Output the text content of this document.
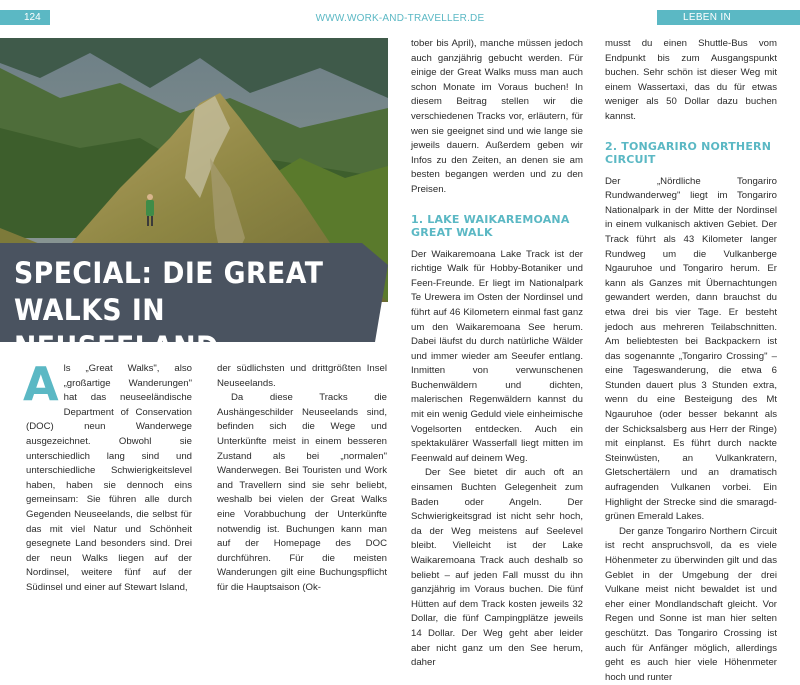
124	WWW.WORK-AND-TRAVELLER.DE	LEBEN IN NEUSEELAND
SPECIAL: DIE GREAT
WALKS IN NEUSEELAND
A ls „Great Walks", also „großartige Wanderungen" hat das neuseeländische Department of Conservation (DOC) neun Wanderwege ausgezeichnet. Obwohl sie unterschiedlich lang sind und unterschiedliche Schwierigkeitslevel haben, haben sie dennoch eins gemeinsam: Sie führen alle durch Gegenden Neuseelands, die selbst für das mit viel Natur und Schönheit gesegnete Land besonders sind. Drei der neun Walks liegen auf der Nordinsel, weitere fünf auf der Südinsel und einer auf Stewart Island,

der südlichsten und drittgrößten Insel Neuseelands.

Da diese Tracks die Aushängeschilder Neuseelands sind, befinden sich die Wege und Unterkünfte meist in einem besseren Zustand als bei „normalen" Wanderwegen. Bei Touristen und Work and Travellern sind sie sehr beliebt, weshalb bei vielen der Great Walks eine Vorabbuchung der Unterkünfte notwendig ist. Buchungen kann man auf der Homepage des DOC durchführen. Für die meisten Wanderungen gilt eine Buchungspflicht für die Hauptsaison (Ok-

tober bis April), manche müssen jedoch auch ganzjährig gebucht werden. Für einige der Great Walks muss man auch schon Monate im Voraus buchen! In diesem Beitrag stellen wir die verschiedenen Tracks vor, erläutern, für wen sie geeignet sind und wie lange sie jeweils dauern. Außerdem geben wir Infos zu den Zeiten, an denen sie am besten begangen werden und zu den Preisen.

1. LAKE WAIKAREMOANA GREAT WALK

Der Waikaremoana Lake Track ist der richtige Walk für Hobby-Botaniker und Feen-Freunde. Er liegt im Nationalpark Te Urewera im Osten der Nordinsel und führt auf 46 Kilometern einmal fast ganz um den Waikaremoana See herum. Dabei läufst du durch natürliche Wälder und immer wieder am Seeufer entlang. Inmitten von verwunschenen Buchenwäldern und dichten, malerischen Regenwäldern kannst du mit ein wenig Geduld viele einheimische Vogelsorten entdecken. Auch ein spektakulärer Wasserfall liegt mitten im Feenwald auf deinem Weg.

Der See bietet dir auch oft an einsamen Buchten Gelegenheit zum Baden oder Angeln. Der Schwierigkeitsgrad ist nicht sehr hoch, da der Weg meistens auf Seelevel bleibt. Vielleicht ist der Lake Waikaremoana Track auch deshalb so beliebt – auf jeden Fall musst du ihn ganzjährig im Voraus buchen. Die fünf Hütten auf dem Track kosten jeweils 32 Dollar, die fünf Campingplätze jeweils 14 Dollar. Der Weg geht aber leider aber nicht ganz um den See herum, daher

musst du einen Shuttle-Bus vom Endpunkt bis zum Ausgangspunkt buchen. Sehr schön ist dieser Weg mit einem Wassertaxi, das du für etwas weniger als 50 Dollar dazu buchen kannst.

2. TONGARIRO NORTHERN CIRCUIT

Der „Nördliche Tongariro Rundwanderweg" liegt im Tongariro Nationalpark in der Mitte der Nordinsel in einem vulkanisch aktiven Gebiet. Der Track führt als 43 Kilometer langer Rundweg um die Vulkanberge Ngauruhoe und Tongariro herum. Er kann als Ganzes mit Übernachtungen gewandert werden, dann brauchst du etwa drei bis vier Tage. Er besteht jedoch aus mehreren Teilabschnitten. Am beliebtesten bei Backpackern ist das sogenannte „Tongariro Crossing" – eine Tageswanderung, die etwa 6 Stunden dauert plus 3 Stunden extra, wenn du eine Besteigung des Mt Ngauruhoe (oder besser bekannt als der Schicksalsberg aus Herr der Ringe) mit einplanst. Es führt durch nackte Steinwüsten, an Vulkankratern, Gletschertälern und an dramatisch aufragenden Vulkanen vorbei. Ein Highlight der Strecke sind die smaragd-grünen Emerald Lakes.

Der ganze Tongariro Northern Circuit ist recht anspruchsvoll, da es viele Höhenmeter zu überwinden gilt und das Geblet in der Umgebung der drei Vulkane meist nicht bewaldet ist und eher einer Mondlandschaft gleicht. Vor Regen und Sonne ist man hier selten geschützt. Das Tongariro Crossing ist auch für Anfänger möglich, allerdings geht es auch hier viele Höhenmeter hoch und runter
